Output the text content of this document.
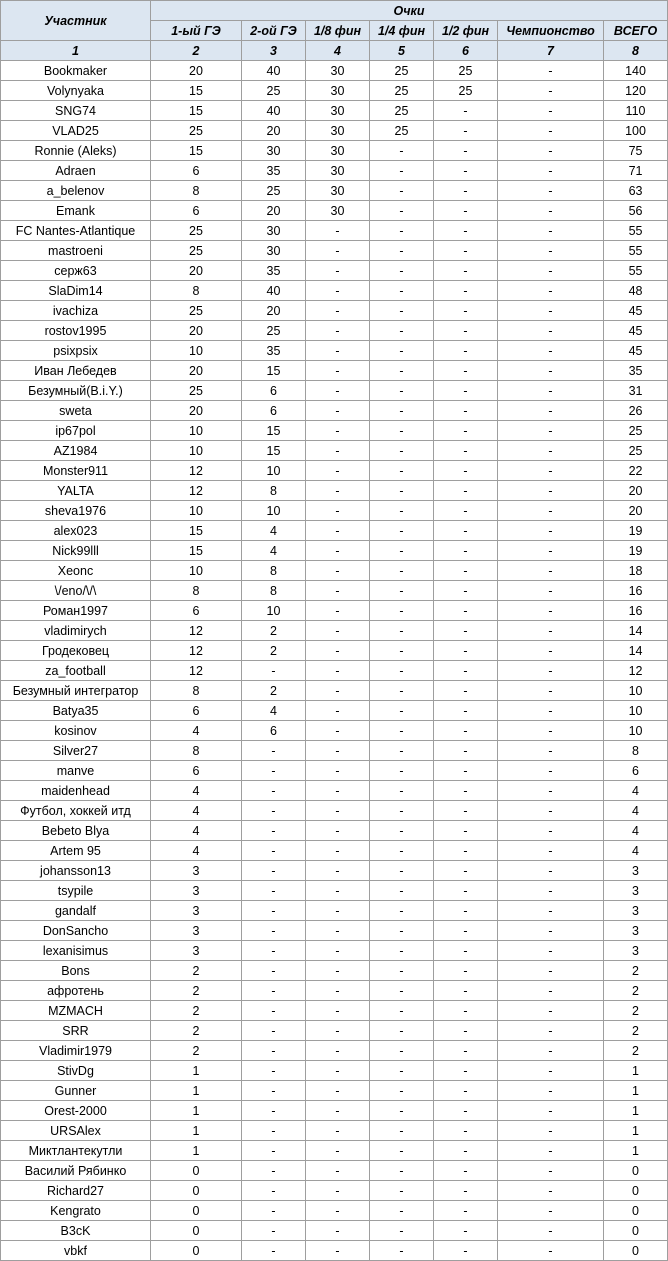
Участник	Очки						
	1-ый ГЭ	2-ой ГЭ	1/8 фин	1/4 фин	1/2 фин	Чемпионство	ВСЕГО
1	2	3	4	5	6	7	8
Bookmaker	20	40	30	25	25	-	140
Volynyaka	15	25	30	25	25	-	120
SNG74	15	40	30	25	-	-	110
VLAD25	25	20	30	25	-	-	100
Ronnie (Aleks)	15	30	30	-	-	-	75
Adraen	6	35	30	-	-	-	71
a_belenov	8	25	30	-	-	-	63
Emank	6	20	30	-	-	-	56
FC Nantes-Atlantique	25	30	-	-	-	-	55
mastroeni	25	30	-	-	-	-	55
серж63	20	35	-	-	-	-	55
SlaDim14	8	40	-	-	-	-	48
ivachiza	25	20	-	-	-	-	45
rostov1995	20	25	-	-	-	-	45
psixpsix	10	35	-	-	-	-	45
Иван Лебедев	20	15	-	-	-	-	35
Безумный(B.i.Y.)	25	6	-	-	-	-	31
sweta	20	6	-	-	-	-	26
ip67pol	10	15	-	-	-	-	25
AZ1984	10	15	-	-	-	-	25
Monster911	12	10	-	-	-	-	22
YALTA	12	8	-	-	-	-	20
sheva1976	10	10	-	-	-	-	20
alex023	15	4	-	-	-	-	19
Nick99lll	15	4	-	-	-	-	19
Xeonc	10	8	-	-	-	-	18
\/eno/\/\	8	8	-	-	-	-	16
Роман1997	6	10	-	-	-	-	16
vladimirych	12	2	-	-	-	-	14
Гродековец	12	2	-	-	-	-	14
za_football	12	-	-	-	-	-	12
Безумный интегратор	8	2	-	-	-	-	10
Batya35	6	4	-	-	-	-	10
kosinov	4	6	-	-	-	-	10
Silver27	8	-	-	-	-	-	8
manve	6	-	-	-	-	-	6
maidenhead	4	-	-	-	-	-	4
Футбол, хоккей итд	4	-	-	-	-	-	4
Bebeto Blya	4	-	-	-	-	-	4
Artem 95	4	-	-	-	-	-	4
johansson13	3	-	-	-	-	-	3
tsypile	3	-	-	-	-	-	3
gandalf	3	-	-	-	-	-	3
DonSancho	3	-	-	-	-	-	3
lexanisimus	3	-	-	-	-	-	3
Bons	2	-	-	-	-	-	2
афротень	2	-	-	-	-	-	2
MZMACH	2	-	-	-	-	-	2
SRR	2	-	-	-	-	-	2
Vladimir1979	2	-	-	-	-	-	2
StivDg	1	-	-	-	-	-	1
Gunner	1	-	-	-	-	-	1
Orest-2000	1	-	-	-	-	-	1
URSAlex	1	-	-	-	-	-	1
Миктлантекутли	1	-	-	-	-	-	1
Василий Рябинко	0	-	-	-	-	-	0
Richard27	0	-	-	-	-	-	0
Kengrato	0	-	-	-	-	-	0
B3cK	0	-	-	-	-	-	0
vbkf	0	-	-	-	-	-	0
